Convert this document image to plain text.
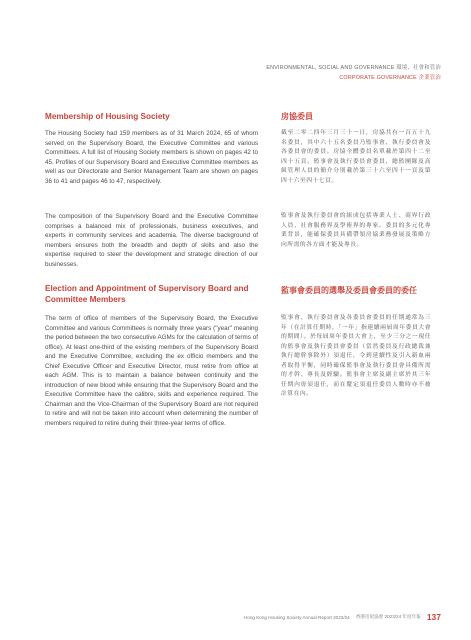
ENVIRONMENTAL, SOCIAL AND GOVERNANCE 環境、社會和管治
CORPORATE GOVERNANCE 企業管治
Membership of Housing Society

The Housing Society had 159 members as of 31 March 2024, 65 of whom served on the Supervisory Board, the Executive Committee and various Committees. A full list of Housing Society members is shown on pages 42 to 45. Profiles of our Supervisory Board and Executive Committee members as well as our Directorate and Senior Management Team are shown on pages 36 to 41 and pages 46 to 47, respectively.

The composition of the Supervisory Board and the Executive Committee comprises a balanced mix of professionals, business executives, and experts in community services and academia. The diverse background of members ensures both the breadth and depth of skills and also the expertise required to steer the development and strategic direction of our businesses.

Election and Appointment of Supervisory Board and Committee Members

The term of office of members of the Supervisory Board, the Executive Committee and various Committees is normally three years ("year" meaning the period between the two consecutive AGMs for the calculation of terms of office). At least one-third of the existing members of the Supervisory Board and the Executive Committee, excluding the ex officio members and the Chief Executive Officer and Executive Director, must retire from office at each AGM. This is to maintain a balance between continuity and the introduction of new blood while ensuring that the Supervisory Board and the Executive Committee have the calibre, skills and experience required. The Chairman and the Vice-Chairman of the Supervisory Board are not required to retire and will not be taken into account when determining the number of members required to retire during their three-year terms of office.

房協委員

截至二零二四年三月三十一日，房協共有一百五十九名委員，其中六十五名委員乃監事會、執行委員會及各委員會的委員。房協全體委員名單載於第四十二至四十五頁。監事會及執行委員會委員、總監團隊及高級管理人員的簡介分別載於第三十六至四十一頁及第四十六至四十七頁。

監事會及執行委員會的組成包括專業人士、商界行政人員、社會服務界及學術界的專家。委員的多元化專業背景，能確保委員具備帶領房協業務發展及策略方向所需的各方面才能及專長。

監事會委員的選舉及委員會委員的委任

監事會、執行委員會及各委員會委員的任期通常為三年（在計算任期時，「一年」指連續兩屆周年委員大會的期間）。於每屆周年委員大會上，至少三分之一現任的監事會及執行委員會委員（當然委員及行政總裁兼執行總幹事除外）須退任，令到延續性及引入新血兩者取得平衡，同時確保監事會及執行委員會具備所需的才幹、專長及經驗。監事會主席及副主席於其三年任期內毋須退任，而在釐定須退任委員人數時亦不被計算在內。

Hong Kong Housing Society Annual Report 2023/24 香港房屋協會 2023/24 年度年報 137
